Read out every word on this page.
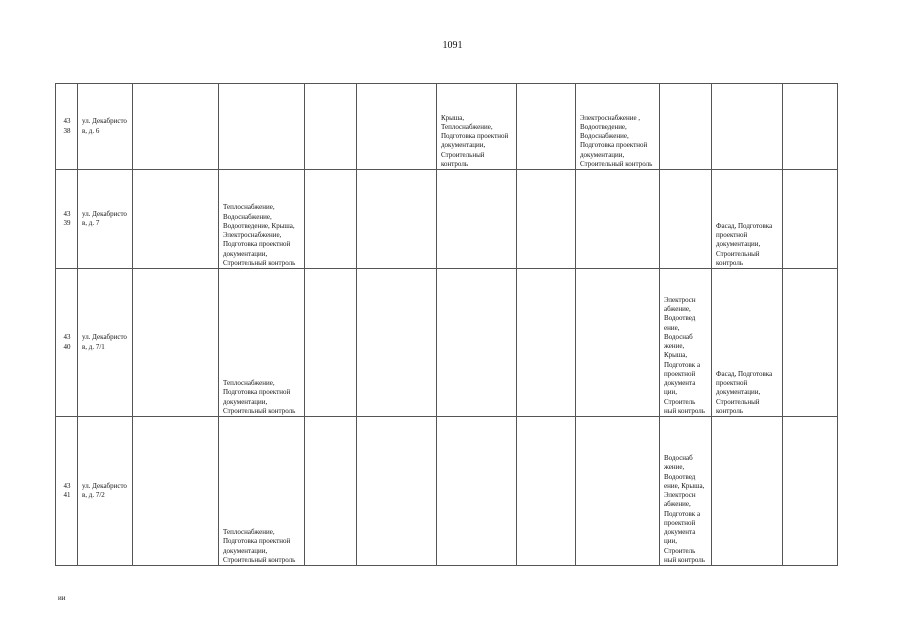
1091
43
38	ул. Декабристо в, д. 6					Крыша, Теплоснабжение, Подготовка проектной документации, Строительный контроль		Электроснабжение , Водоотведение, Водоснабжение, Подготовка проектной документации, Строительный контроль			

43
39	ул. Декабристо в, д. 7		Теплоснабжение, Водоснабжение, Водоотведение, Крыша, Электроснабжение, Подготовка проектной документации, Строительный контроль							Фасад, Подготовка проектной документации, Строительный контроль	

43
40	ул. Декабристо в, д. 7/1		Теплоснабжение, Подготовка проектной документации, Строительный контроль						Электросн абжение, Водоотвед ение, Водоснаб жение, Крыша, Подготовк а проектной документа ции, Строитель ный контроль	Фасад, Подготовка проектной документации, Строительный контроль	

43
41	ул. Декабристо в, д. 7/2		Теплоснабжение, Подготовка проектной документации, Строительный контроль						Водоснаб жение, Водоотвед ение, Крыша, Электросн абжение, Подготовк а проектной документа ции, Строитель ный контроль		

ии
